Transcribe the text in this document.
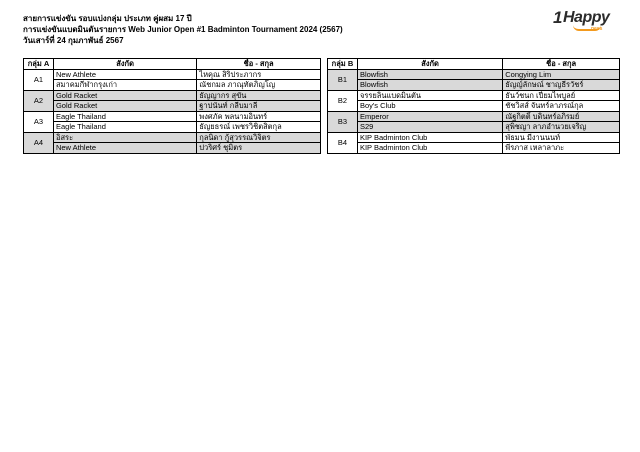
สายการแข่งขัน รอบแบ่งกลุ่ม ประเภท คู่ผสม 17 ปี
การแข่งขันแบดมินตันรายการ Web Junior Open #1 Badminton Tournament 2024 (2567)
วันเสาร์ที่ 24 กุมภาพันธ์ 2567
1 Happy
ness
กลุ่ม A	สังกัด	ชื่อ - สกุล
A1	New Athlete	ไหคุณ สิริประภากร
	สมาคมกีฬากรุงเก่า	ณัชกมล ภาณุทัตภิญโญ
A2	Gold Racket	ธัญญากร สุขัน
	Gold Racket	ฐาปนันท์ กลีบมาลี
A3	Eagle Thailand	พงศภัค พลนามอินทร์
	Eagle Thailand	ธัญยธรณ์ เพชรวิชิตสิตกุล
A4	อิสระ	กุลนิดา กู้สุวรรณวิจิตร
	New Athlete	ปวริศร์ ชุมิตร
กลุ่ม B	สังกัด	ชื่อ - สกุล
B1	Blowfish	Congying Lim
	Blowfish	ธัญญ์ลักษณ์ ชาญธีรวัชร์
B2	จรรยลินแบดมินตัน	ธันว์ชนก เปี่ยมไพบูลย์
	Boy's Club	ชัชวิสส์ จันทร์ลาภรณ์กุล
B3	Emperor	ณัฐกิตติ์ บดินทร์อภิรมย์
	S29	สุพิชญา ลาภอำนวยเจริญ
B4	KIP Badminton Club	พัธมน มีงานนนท์
	KIP Badminton Club	พีรภาส เหลาลาภะ
